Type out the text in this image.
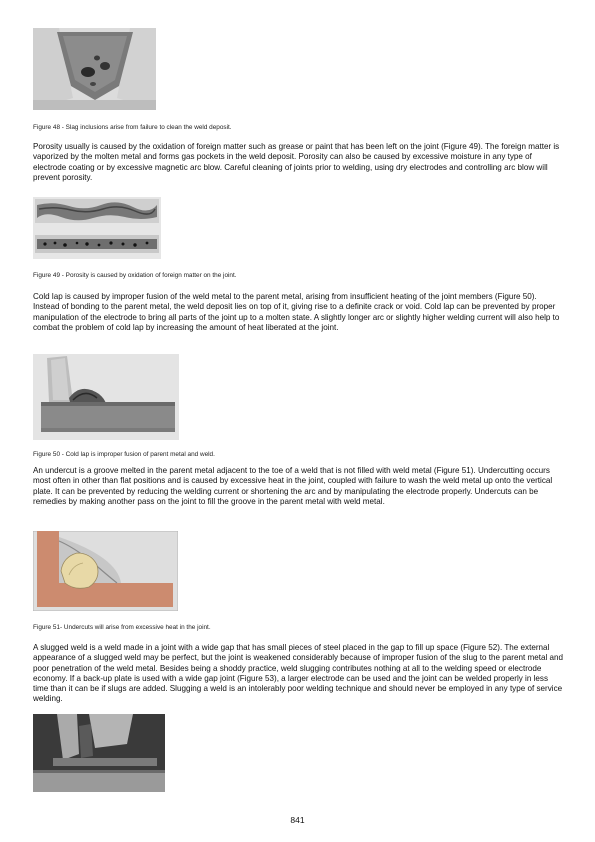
Figure 48 - Slag inclusions arise from failure to clean the weld deposit.

Porosity usually is caused by the oxidation of foreign matter such as grease or paint that has been left on the joint (Figure 49). The foreign matter is vaporized by the molten metal and forms gas pockets in the weld deposit. Porosity can also be caused by excessive moisture in any type of electrode coating or by excessive magnetic arc blow. Careful cleaning of joints prior to welding, using dry electrodes and controlling arc blow will prevent porosity.

Figure 49 - Porosity is caused by oxidation of foreign matter on the joint.

Cold lap is caused by improper fusion of the weld metal to the parent metal, arising from insufficient heating of the joint members (Figure 50). Instead of bonding to the parent metal, the weld deposit lies on top of it, giving rise to a definite crack or void. Cold lap can be prevented by proper manipulation of the electrode to bring all parts of the joint up to a molten state. A slightly longer arc or slightly higher welding current will also help to combat the problem of cold lap by increasing the amount of heat liberated at the joint.

Figure 50 - Cold lap is improper fusion of parent metal and weld.

An undercut is a groove melted in the parent metal adjacent to the toe of a weld that is not filled with weld metal (Figure 51). Undercutting occurs most often in other than flat positions and is caused by excessive heat in the joint, coupled with failure to wash the weld metal up onto the vertical plate. It can be prevented by reducing the welding current or shortening the arc and by manipulating the electrode properly. Undercuts can be remedies by making another pass on the joint to fill the groove in the parent metal with weld metal.

Figure 51- Undercuts will arise from excessive heat in the joint.

A slugged weld is a weld made in a joint with a wide gap that has small pieces of steel placed in the gap to fill up space (Figure 52). The external appearance of a slugged weld may be perfect, but the joint is weakened considerably because of improper fusion of the slug to the parent metal and poor penetration of the weld metal. Besides being a shoddy practice, weld slugging contributes nothing at all to the welding speed or electrode economy. If a back-up plate is used with a wide gap joint (Figure 53), a larger electrode can be used and the joint can be welded properly in less time than it can be if slugs are added. Slugging a weld is an intolerably poor welding technique and should never be employed in any type of service welding.

841
